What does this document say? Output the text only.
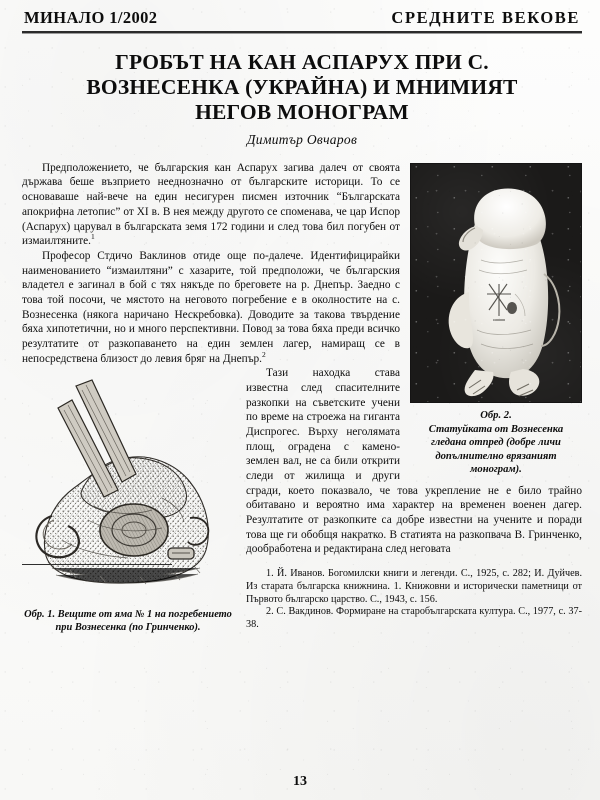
МИНАЛО 1/2002	СРЕДНИТЕ ВЕКОВЕ
ГРОБЪТ НА КАН АСПАРУХ ПРИ С.
ВОЗНЕСЕНКА (УКРАЙНА) И МНИМИЯТ
НЕГОВ МОНОГРАМ
Димитър Овчаров
Обр. 2.
Статуйката от Вознесенка гледана отпред (добре личи допълнително врязаният монограм).

Предположението, че българския кан Аспарух загива далеч от своята държава беше възприето нееднозначно от българските историци. То се основаваше най-вече на един несигурен писмен източник “Българската апокрифна летопис” от XI в. В нея между другото се споменава, че цар Испор (Аспарух) царувал в българската земя 172 години и след това бил погубен от измаилтяните.$^1$

Професор Стдичо Ваклинов отиде още по-далече. Идентифицирайки наименованието “измаилтяни” с хазарите, той предположи, че българския владетел е загинал в бой с тях някъде по бреговете на р. Днепър. Заедно с това той посочи, че мястото на неговото погребение е в околностите на с. Вознесенка (някога наричано Нескребовка). Доводите за такова твърдение бяха хипотетични, но и много перспективни. Повод за това бяха преди всичко резултатите от разкопаването на един землен лагер, намиращ се в непосредствена близост до левия бряг на Днепър.$^2$

Обр. 1. Вещите от яма № 1 на погребението при Вознесенка (по Гринченко).

Тази находка става известна след спасителните разкопки на съветските учени по време на строежа на гиганта Диспрогес. Върху неголямата площ, оградена с камено-землен вал, не са били открити следи от жилища и други сгради, което показвало, че това укрепление не е било трайно обитавано и вероятно има характер на временен военен дагер. Резултатите от разкопките са добре известни на учените и поради това ще ги обобщя накратко. В статията на разкопвача В. Гринченко, дообработена и редактирана след неговата

1. Й. Иванов. Богомилски книги и легенди. С., 1925, с. 282; И. Дуйчев. Из старата българска книжнина. 1. Книжовни и исторически паметници от Първото българско царство. С., 1943, с. 156.

2. С. Вакдинов. Формиране на старобългарската култура. С., 1977, с. 37-38.

13
